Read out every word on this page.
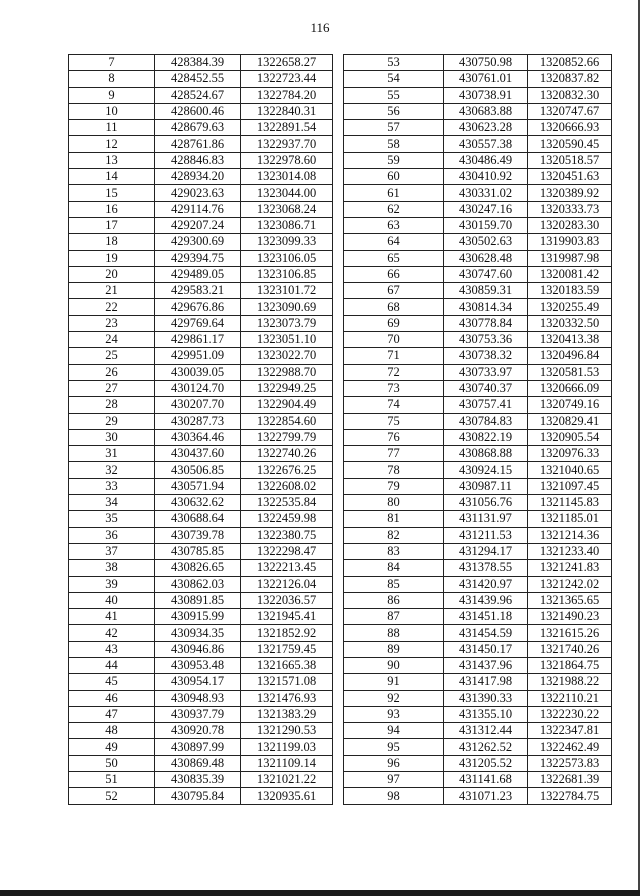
116
7	428384.39	1322658.27
8	428452.55	1322723.44
9	428524.67	1322784.20
10	428600.46	1322840.31
11	428679.63	1322891.54
12	428761.86	1322937.70
13	428846.83	1322978.60
14	428934.20	1323014.08
15	429023.63	1323044.00
16	429114.76	1323068.24
17	429207.24	1323086.71
18	429300.69	1323099.33
19	429394.75	1323106.05
20	429489.05	1323106.85
21	429583.21	1323101.72
22	429676.86	1323090.69
23	429769.64	1323073.79
24	429861.17	1323051.10
25	429951.09	1323022.70
26	430039.05	1322988.70
27	430124.70	1322949.25
28	430207.70	1322904.49
29	430287.73	1322854.60
30	430364.46	1322799.79
31	430437.60	1322740.26
32	430506.85	1322676.25
33	430571.94	1322608.02
34	430632.62	1322535.84
35	430688.64	1322459.98
36	430739.78	1322380.75
37	430785.85	1322298.47
38	430826.65	1322213.45
39	430862.03	1322126.04
40	430891.85	1322036.57
41	430915.99	1321945.41
42	430934.35	1321852.92
43	430946.86	1321759.45
44	430953.48	1321665.38
45	430954.17	1321571.08
46	430948.93	1321476.93
47	430937.79	1321383.29
48	430920.78	1321290.53
49	430897.99	1321199.03
50	430869.48	1321109.14
51	430835.39	1321021.22
52	430795.84	1320935.61
53	430750.98	1320852.66
54	430761.01	1320837.82
55	430738.91	1320832.30
56	430683.88	1320747.67
57	430623.28	1320666.93
58	430557.38	1320590.45
59	430486.49	1320518.57
60	430410.92	1320451.63
61	430331.02	1320389.92
62	430247.16	1320333.73
63	430159.70	1320283.30
64	430502.63	1319903.83
65	430628.48	1319987.98
66	430747.60	1320081.42
67	430859.31	1320183.59
68	430814.34	1320255.49
69	430778.84	1320332.50
70	430753.36	1320413.38
71	430738.32	1320496.84
72	430733.97	1320581.53
73	430740.37	1320666.09
74	430757.41	1320749.16
75	430784.83	1320829.41
76	430822.19	1320905.54
77	430868.88	1320976.33
78	430924.15	1321040.65
79	430987.11	1321097.45
80	431056.76	1321145.83
81	431131.97	1321185.01
82	431211.53	1321214.36
83	431294.17	1321233.40
84	431378.55	1321241.83
85	431420.97	1321242.02
86	431439.96	1321365.65
87	431451.18	1321490.23
88	431454.59	1321615.26
89	431450.17	1321740.26
90	431437.96	1321864.75
91	431417.98	1321988.22
92	431390.33	1322110.21
93	431355.10	1322230.22
94	431312.44	1322347.81
95	431262.52	1322462.49
96	431205.52	1322573.83
97	431141.68	1322681.39
98	431071.23	1322784.75
